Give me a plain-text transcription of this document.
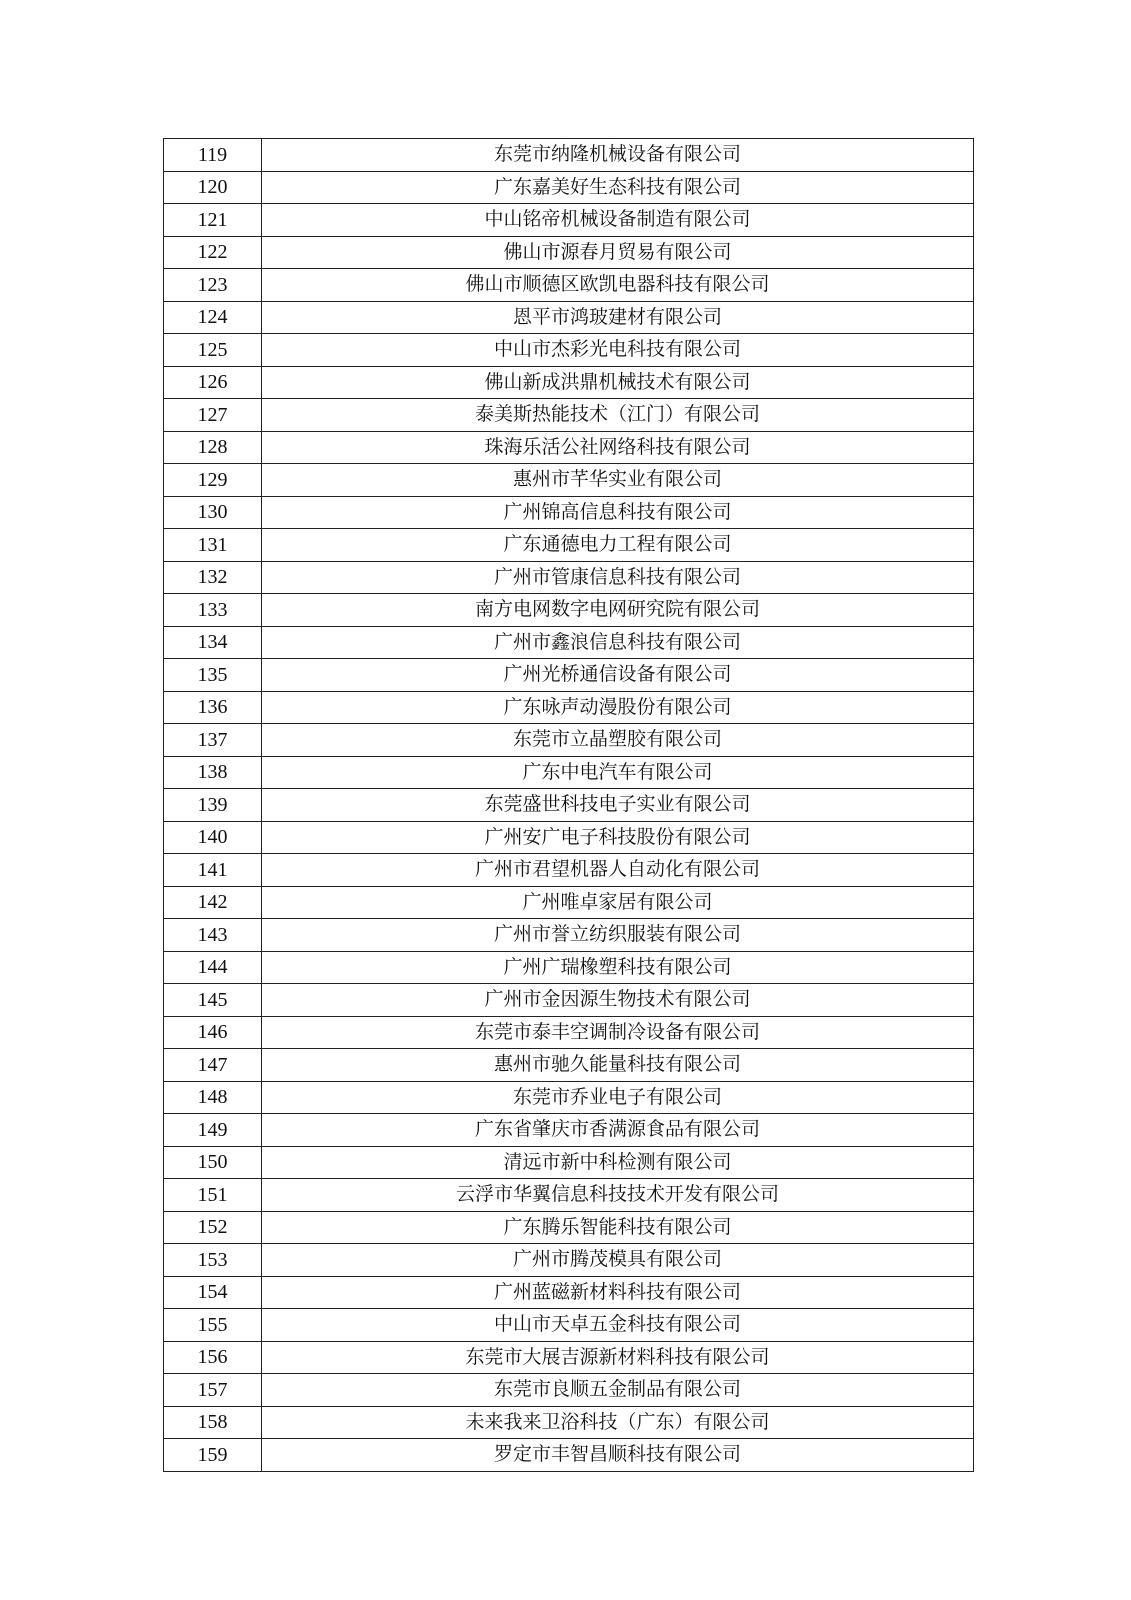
119	东莞市纳隆机械设备有限公司
120	广东嘉美好生态科技有限公司
121	中山铭帝机械设备制造有限公司
122	佛山市源春月贸易有限公司
123	佛山市顺德区欧凯电器科技有限公司
124	恩平市鸿玻建材有限公司
125	中山市杰彩光电科技有限公司
126	佛山新成洪鼎机械技术有限公司
127	泰美斯热能技术（江门）有限公司
128	珠海乐活公社网络科技有限公司
129	惠州市芊华实业有限公司
130	广州锦高信息科技有限公司
131	广东通德电力工程有限公司
132	广州市管康信息科技有限公司
133	南方电网数字电网研究院有限公司
134	广州市鑫浪信息科技有限公司
135	广州光桥通信设备有限公司
136	广东咏声动漫股份有限公司
137	东莞市立晶塑胶有限公司
138	广东中电汽车有限公司
139	东莞盛世科技电子实业有限公司
140	广州安广电子科技股份有限公司
141	广州市君望机器人自动化有限公司
142	广州唯卓家居有限公司
143	广州市誉立纺织服装有限公司
144	广州广瑞橡塑科技有限公司
145	广州市金因源生物技术有限公司
146	东莞市泰丰空调制冷设备有限公司
147	惠州市驰久能量科技有限公司
148	东莞市乔业电子有限公司
149	广东省肇庆市香满源食品有限公司
150	清远市新中科检测有限公司
151	云浮市华翼信息科技技术开发有限公司
152	广东腾乐智能科技有限公司
153	广州市腾茂模具有限公司
154	广州蓝磁新材料科技有限公司
155	中山市天卓五金科技有限公司
156	东莞市大展吉源新材料科技有限公司
157	东莞市良顺五金制品有限公司
158	未来我来卫浴科技（广东）有限公司
159	罗定市丰智昌顺科技有限公司
